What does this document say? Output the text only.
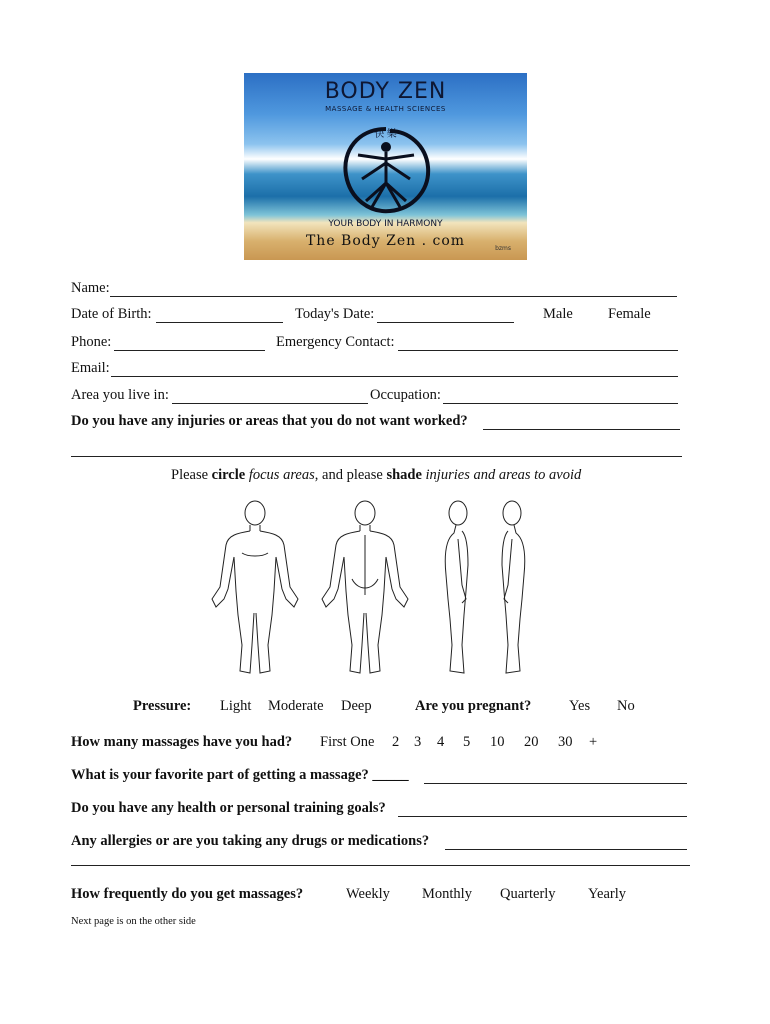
BODY ZEN
MASSAGE & HEALTH SCIENCES
快 樂
YOUR BODY IN HARMONY
The Body Zen . com	bzms
Name:
Date of Birth:	Today's Date:	Male Female
Phone:	Emergency Contact:
Email:
Area you live in:	Occupation:
Do you have any injuries or areas that you do not want worked?
Please circle focus areas, and please shade injuries and areas to avoid
Pressure: Light Moderate Deep	Are you pregnant?	Yes No
How many massages have you had? First One 2 3 4 5 10 20 30 +
What is your favorite part of getting a massage? _____
Do you have any health or personal training goals?
Any allergies or are you taking any drugs or medications?
How frequently do you get massages?	Weekly Monthly Quarterly Yearly
Next page is on the other side
